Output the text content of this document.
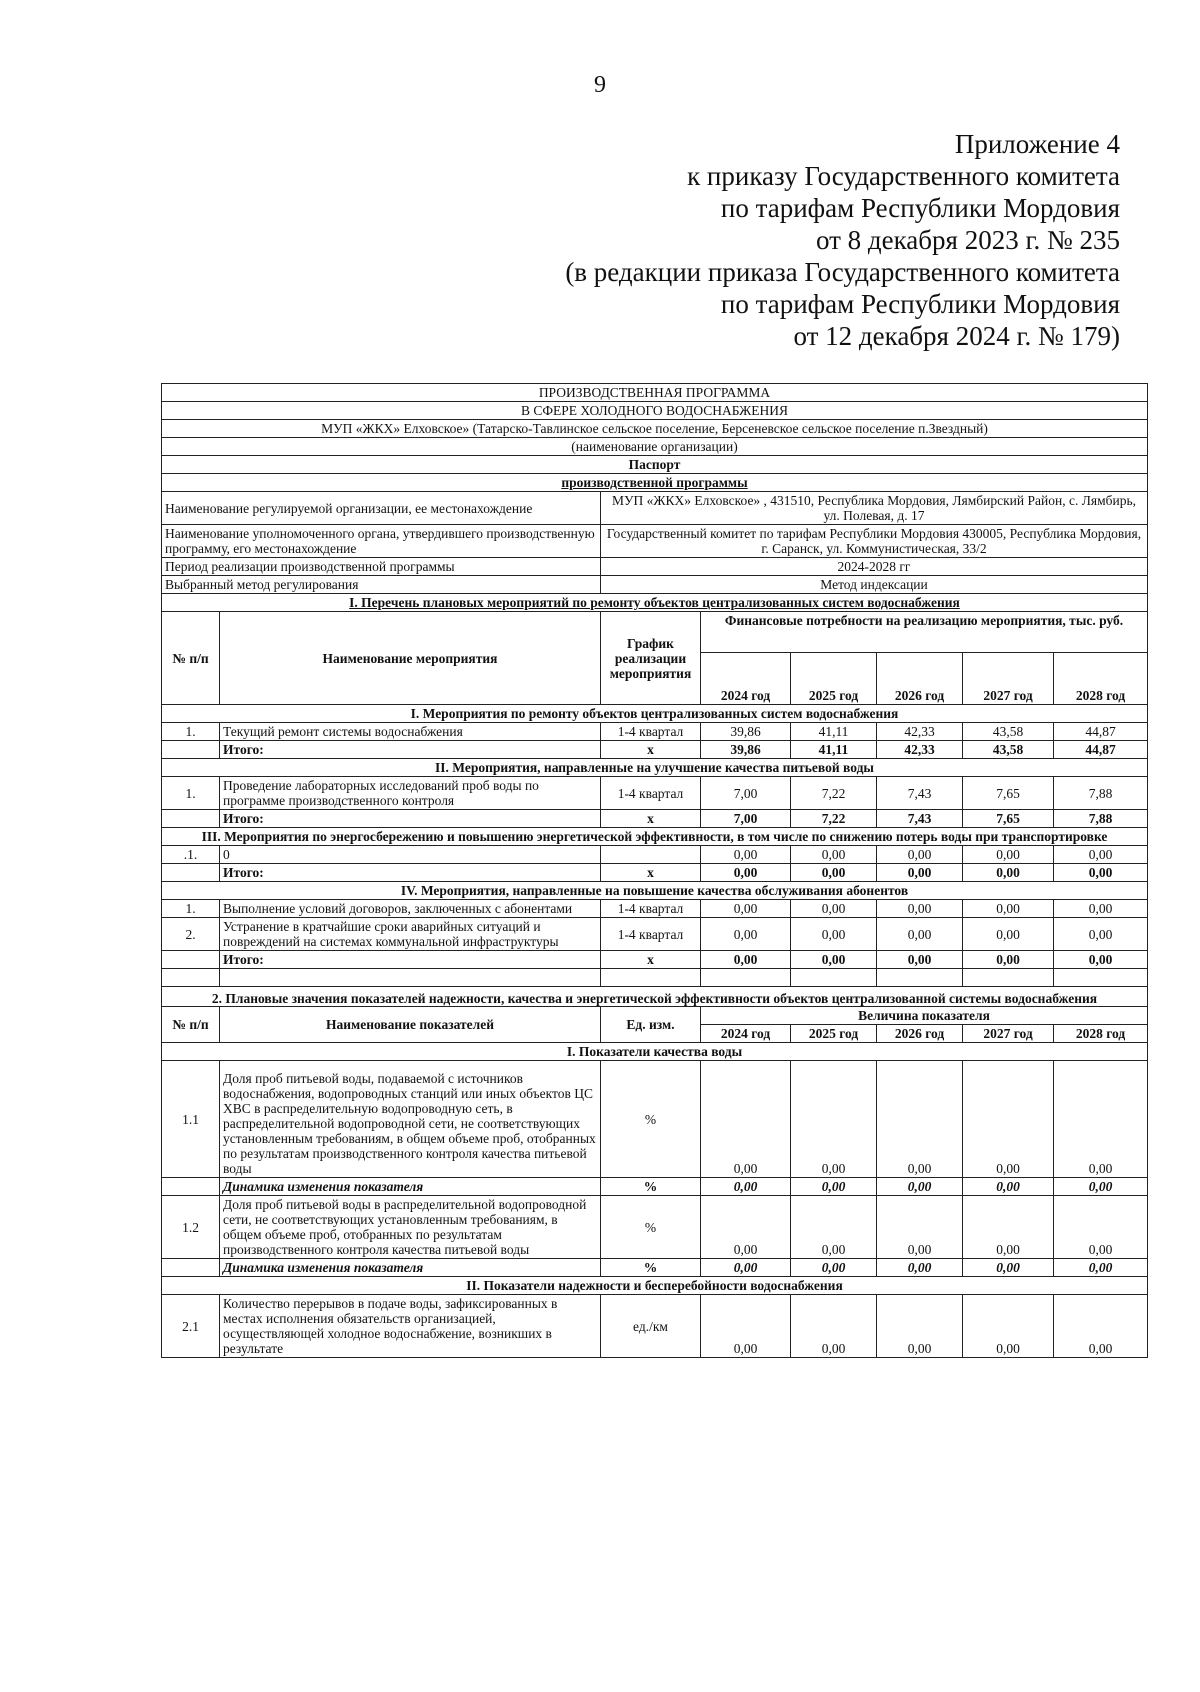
9
Приложение 4
к приказу Государственного комитета
по тарифам Республики Мордовия
от 8 декабря 2023 г. № 235
(в редакции приказа Государственного комитета
по тарифам Республики Мордовия
от 12 декабря 2024 г. № 179)
ПРОИЗВОДСТВЕННАЯ ПРОГРАММА							
В СФЕРЕ ХОЛОДНОГО ВОДОСНАБЖЕНИЯ							
МУП «ЖКХ» Елховское» (Татарско-Тавлинское сельское поселение, Берсеневское сельское поселение п.Звездный)							
(наименование организации)							
Паспорт							
производственной программы							
Наименование регулируемой организации, ее местонахождение		МУП «ЖКХ» Елховское» , 431510, Республика Мордовия, Лямбирский Район, с. Лямбирь, ул. Полевая, д. 17					
Наименование уполномоченного органа, утвердившего производственную программу, его местонахождение		Государственный комитет по тарифам Республики Мордовия 430005, Республика Мордовия, г. Саранск, ул. Коммунистическая, 33/2					
Период реализации производственной программы		2024-2028 гг					
Выбранный метод регулирования		Метод индексации					
I. Перечень плановых мероприятий по ремонту объектов централизованных систем водоснабжения							
№ п/п	Наименование мероприятия	График реализации мероприятия	Финансовые потребности на реализацию мероприятия, тыс. руб.				
			2024 год	2025 год	2026 год	2027 год	2028 год
I. Мероприятия по ремонту объектов централизованных систем водоснабжения							
1.	Текущий ремонт системы водоснабжения	1-4 квартал	39,86	41,11	42,33	43,58	44,87
	Итого:	х	39,86	41,11	42,33	43,58	44,87
II. Мероприятия, направленные на улучшение качества питьевой воды							
1.	Проведение лабораторных исследований проб воды по программе производственного контроля	1-4 квартал	7,00	7,22	7,43	7,65	7,88
	Итого:	х	7,00	7,22	7,43	7,65	7,88
III. Мероприятия по энергосбережению и повышению энергетической эффективности, в том числе по снижению потерь воды при транспортировке							
.1.	0		0,00	0,00	0,00	0,00	0,00
	Итого:	х	0,00	0,00	0,00	0,00	0,00
IV. Мероприятия, направленные на повышение качества обслуживания абонентов							
1.	Выполнение условий договоров, заключенных с абонентами	1-4 квартал	0,00	0,00	0,00	0,00	0,00
2.	Устранение в кратчайшие сроки аварийных ситуаций и повреждений на системах коммунальной инфраструктуры	1-4 квартал	0,00	0,00	0,00	0,00	0,00
	Итого:	х	0,00	0,00	0,00	0,00	0,00

2. Плановые значения показателей надежности, качества и энергетической эффективности объектов централизованной системы водоснабжения							
№ п/п	Наименование показателей	Ед. изм.	Величина показателя				
			2024 год	2025 год	2026 год	2027 год	2028 год
I. Показатели качества воды							
1.1	Доля проб питьевой воды, подаваемой с источников водоснабжения, водопроводных станций или иных объектов ЦС ХВС в распределительную водопроводную сеть, в распределительной водопроводной сети, не соответствующих установленным требованиям, в общем объеме проб, отобранных по результатам производственного контроля качества питьевой воды	%	0,00	0,00	0,00	0,00	0,00
	Динамика изменения показателя	%	0,00	0,00	0,00	0,00	0,00
1.2	Доля проб питьевой воды в распределительной водопроводной сети, не соответствующих установленным требованиям, в общем объеме проб, отобранных по результатам производственного контроля качества питьевой воды	%	0,00	0,00	0,00	0,00	0,00
	Динамика изменения показателя	%	0,00	0,00	0,00	0,00	0,00
II. Показатели надежности и бесперебойности водоснабжения							
2.1	Количество перерывов в подаче воды, зафиксированных в местах исполнения обязательств организацией, осуществляющей холодное водоснабжение, возникших в результате	ед./км	0,00	0,00	0,00	0,00	0,00
